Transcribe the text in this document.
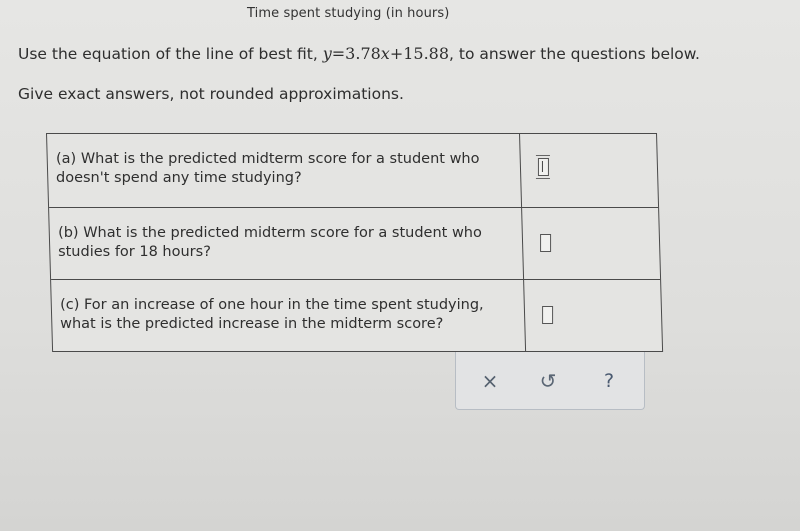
Time spent studying (in hours)
Use the equation of the line of best fit, y=3.78x+15.88, to answer the questions below.
Give exact answers, not rounded approximations.
(a) What is the predicted midterm score for a student who doesn't spend any time studying?
(b) What is the predicted midterm score for a student who studies for 18 hours?
(c) For an increase of one hour in the time spent studying, what is the predicted increase in the midterm score?
× ↺	?
